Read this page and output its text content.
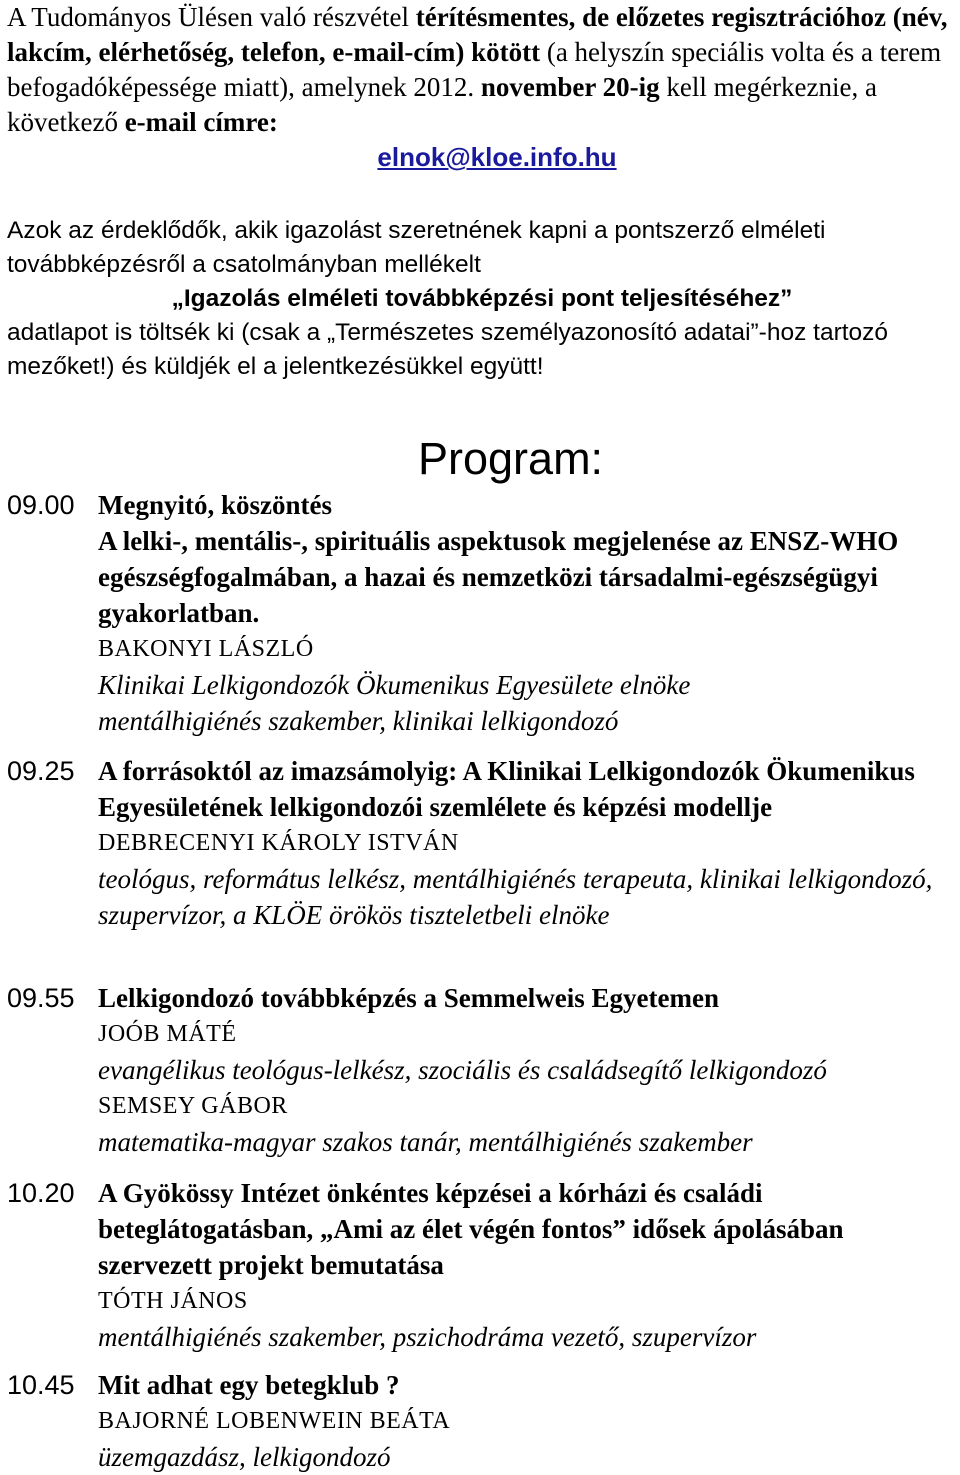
A Tudományos Ülésen való részvétel térítésmentes, de előzetes regisztrációhoz (név, lakcím, elérhetőség, telefon, e-mail-cím) kötött (a helyszín speciális volta és a terem befogadóképessége miatt), amelynek 2012. november 20-ig kell megérkeznie, a következő e-mail címre:

elnok@kloe.info.hu

Azok az érdeklődők, akik igazolást szeretnének kapni a pontszerző elméleti továbbképzésről a csatolmányban mellékelt
„Igazolás elméleti továbbképzési pont teljesítéséhez”
adatlapot is töltsék ki (csak a „Természetes személyazonosító adatai”-hoz tartozó mezőket!) és küldjék el a jelentkezésükkel együtt!

Program:
09.00 Megnyitó, köszöntés
A lelki-, mentális-, spirituális aspektusok megjelenése az ENSZ-WHO egészségfogalmában, a hazai és nemzetközi társadalmi-egészségügyi gyakorlatban.
BAKONYI LÁSZLÓ
Klinikai Lelkigondozók Ökumenikus Egyesülete elnöke
mentálhigiénés szakember, klinikai lelkigondozó
09.25 A forrásoktól az imazsámolyig: A Klinikai Lelkigondozók Ökumenikus Egyesületének lelkigondozói szemlélete és képzési modellje
DEBRECENYI KÁROLY ISTVÁN
teológus, református lelkész, mentálhigiénés terapeuta, klinikai lelkigondozó, szupervízor, a KLÖE örökös tiszteletbeli elnöke
09.55 Lelkigondozó továbbképzés a Semmelweis Egyetemen
JOÓB MÁTÉ
evangélikus teológus-lelkész, szociális és családsegítő lelkigondozó
SEMSEY GÁBOR
matematika-magyar szakos tanár, mentálhigiénés szakember
10.20 A Gyökössy Intézet önkéntes képzései a kórházi és családi beteglátogatásban, „Ami az élet végén fontos” idősek ápolásában szervezett projekt bemutatása
TÓTH JÁNOS
mentálhigiénés szakember, pszichodráma vezető, szupervízor
10.45 Mit adhat egy betegklub ?
BAJORNÉ LOBENWEIN BEÁTA
üzemgazdász, lelkigondozó
